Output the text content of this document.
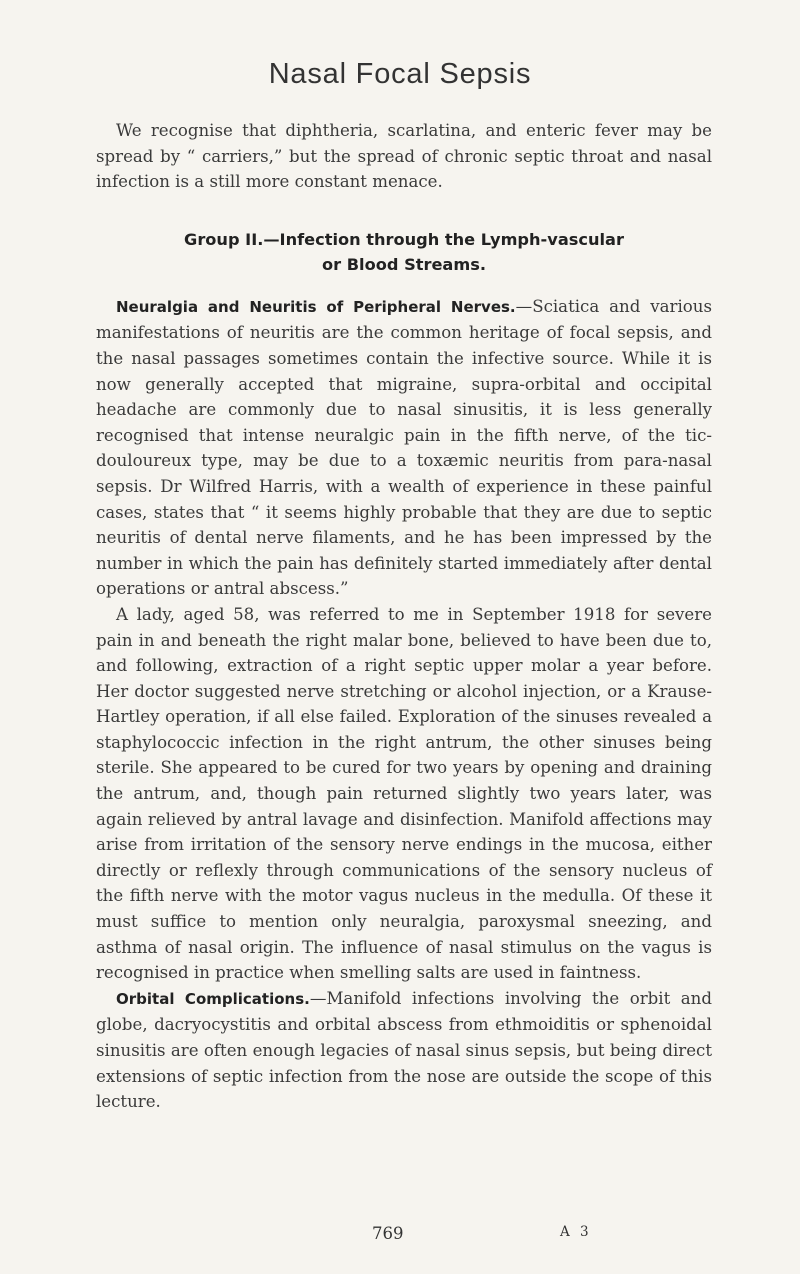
Nasal Focal Sepsis

We recognise that diphtheria, scarlatina, and enteric fever may be spread by “ carriers,” but the spread of chronic septic throat and nasal infection is a still more constant menace.

Group II.—Infection through the Lymph-vascular
or Blood Streams.

Neuralgia and Neuritis of Peripheral Nerves.—Sciatica and various manifestations of neuritis are the common heritage of focal sepsis, and the nasal passages sometimes contain the infective source. While it is now generally accepted that migraine, supra-orbital and occipital headache are commonly due to nasal sinusitis, it is less generally recognised that intense neuralgic pain in the fifth nerve, of the tic-douloureux type, may be due to a toxæmic neuritis from para-nasal sepsis. Dr Wilfred Harris, with a wealth of experience in these painful cases, states that “ it seems highly probable that they are due to septic neuritis of dental nerve filaments, and he has been impressed by the number in which the pain has definitely started immediately after dental operations or antral abscess.”

A lady, aged 58, was referred to me in September 1918 for severe pain in and beneath the right malar bone, believed to have been due to, and following, extraction of a right septic upper molar a year before. Her doctor suggested nerve stretching or alcohol injection, or a Krause-Hartley operation, if all else failed. Exploration of the sinuses revealed a staphylococcic infection in the right antrum, the other sinuses being sterile. She appeared to be cured for two years by opening and draining the antrum, and, though pain returned slightly two years later, was again relieved by antral lavage and disinfection. Manifold affections may arise from irritation of the sensory nerve endings in the mucosa, either directly or reflexly through communications of the sensory nucleus of the fifth nerve with the motor vagus nucleus in the medulla. Of these it must suffice to mention only neuralgia, paroxysmal sneezing, and asthma of nasal origin. The influence of nasal stimulus on the vagus is recognised in practice when smelling salts are used in faintness.

Orbital Complications.—Manifold infections involving the orbit and globe, dacryocystitis and orbital abscess from ethmoiditis or sphenoidal sinusitis are often enough legacies of nasal sinus sepsis, but being direct extensions of septic infection from the nose are outside the scope of this lecture.

769	A 3
